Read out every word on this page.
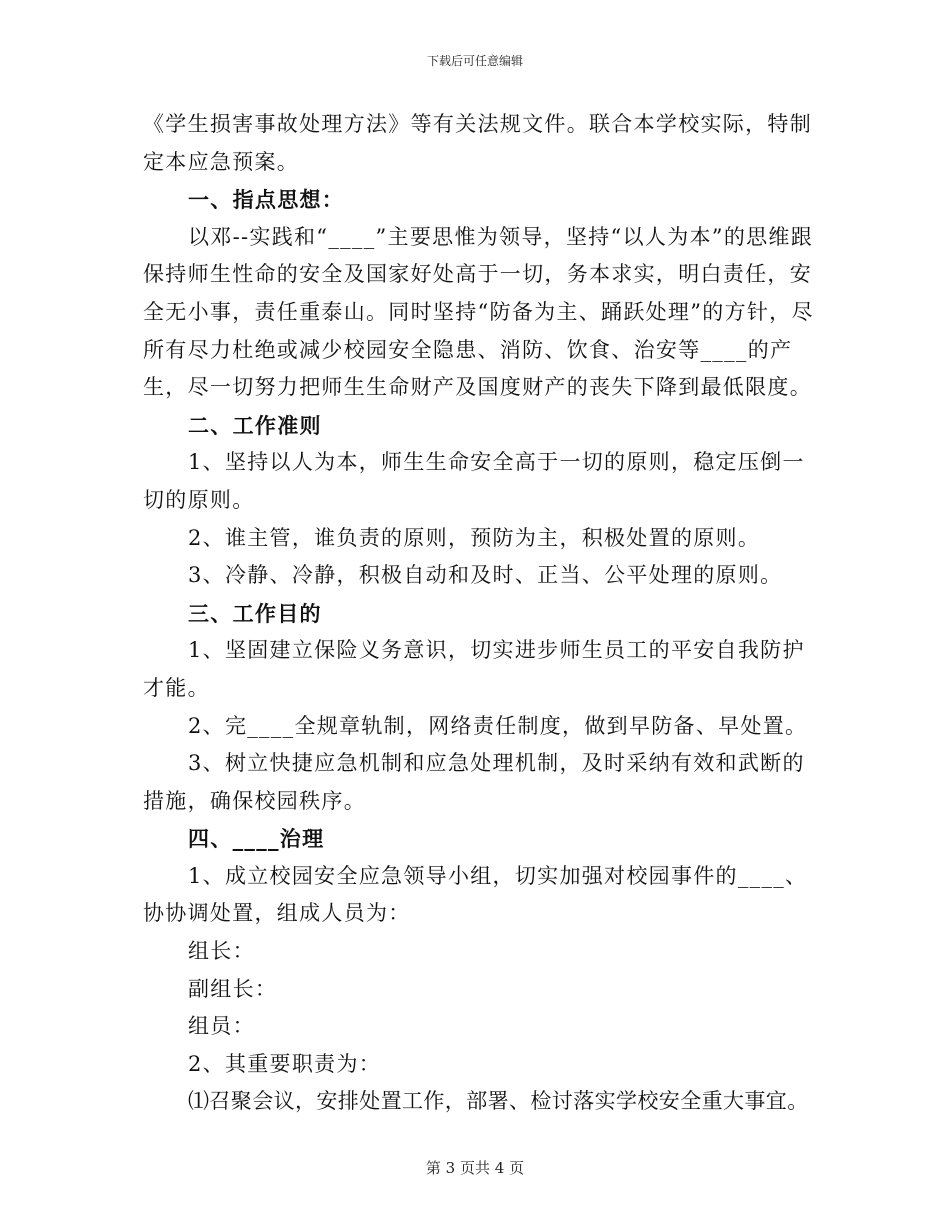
下载后可任意编辑

《学生损害事故处理方法》等有关法规文件。联合本学校实际，特制定本应急预案。

一、指点思想：

以邓--实践和“____”主要思惟为领导，坚持“以人为本”的思维跟保持师生性命的安全及国家好处高于一切，务本求实，明白责任，安全无小事，责任重泰山。同时坚持“防备为主、踊跃处理”的方针，尽所有尽力杜绝或减少校园安全隐患、消防、饮食、治安等____的产生，尽一切努力把师生生命财产及国度财产的丧失下降到最低限度。

二、工作准则

1、坚持以人为本，师生生命安全高于一切的原则，稳定压倒一切的原则。

2、谁主管，谁负责的原则，预防为主，积极处置的原则。

3、冷静、冷静，积极自动和及时、正当、公平处理的原则。

三、工作目的

1、坚固建立保险义务意识，切实进步师生员工的平安自我防护才能。

2、完____全规章轨制，网络责任制度，做到早防备、早处置。

3、树立快捷应急机制和应急处理机制，及时采纳有效和武断的措施，确保校园秩序。

四、____治理

1、成立校园安全应急领导小组，切实加强对校园事件的____、协协调处置，组成人员为：

组长：

副组长：

组员：

2、其重要职责为：

⑴召聚会议，安排处置工作，部署、检讨落实学校安全重大事宜。

第 3 页共 4 页
